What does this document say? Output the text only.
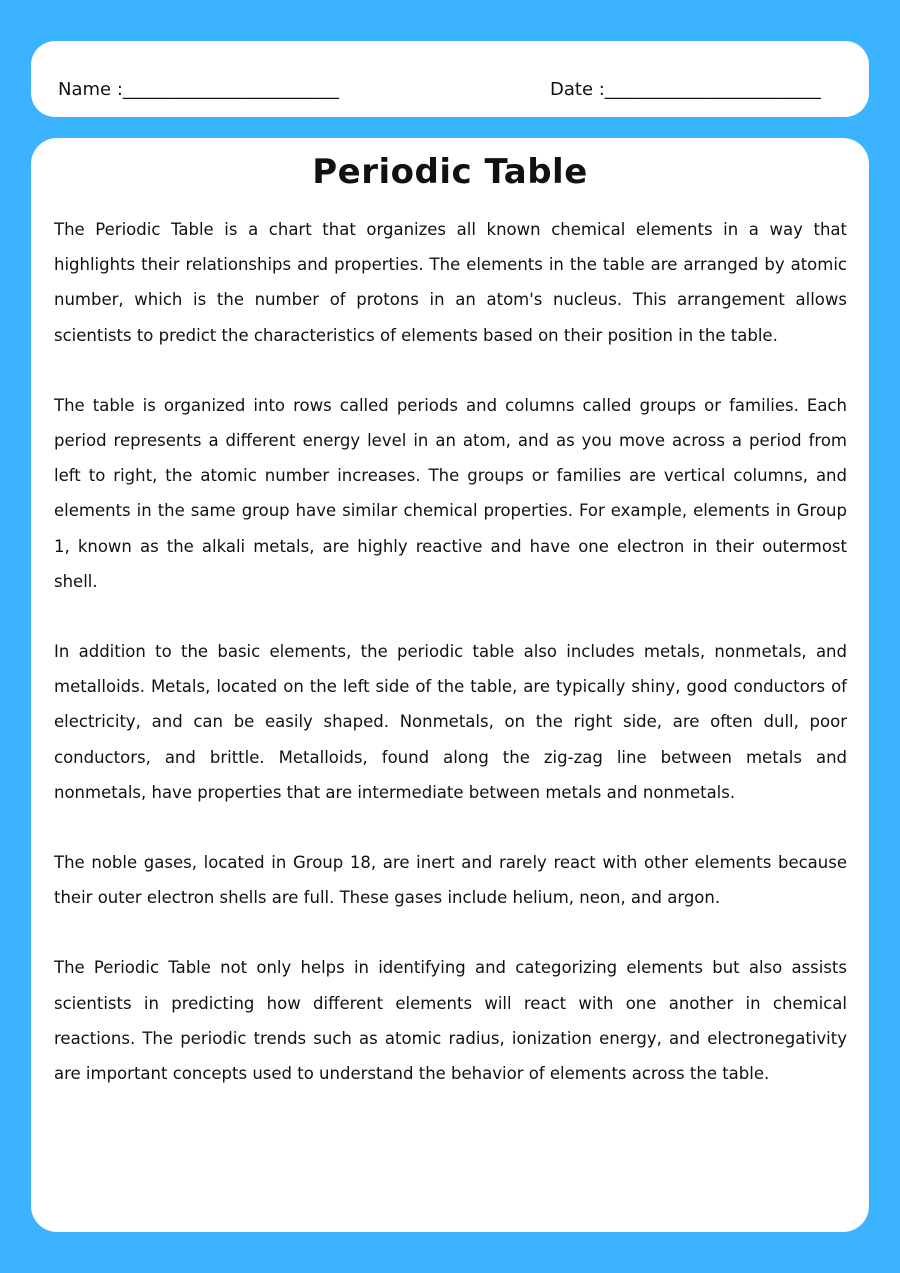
Name :________________________	Date :________________________
Periodic Table

The Periodic Table is a chart that organizes all known chemical elements in a way that highlights their relationships and properties. The elements in the table are arranged by atomic number, which is the number of protons in an atom's nucleus. This arrangement allows scientists to predict the characteristics of elements based on their position in the table.

The table is organized into rows called periods and columns called groups or families. Each period represents a different energy level in an atom, and as you move across a period from left to right, the atomic number increases. The groups or families are vertical columns, and elements in the same group have similar chemical properties. For example, elements in Group 1, known as the alkali metals, are highly reactive and have one electron in their outermost shell.

In addition to the basic elements, the periodic table also includes metals, nonmetals, and metalloids. Metals, located on the left side of the table, are typically shiny, good conductors of electricity, and can be easily shaped. Nonmetals, on the right side, are often dull, poor conductors, and brittle. Metalloids, found along the zig-zag line between metals and nonmetals, have properties that are intermediate between metals and nonmetals.

The noble gases, located in Group 18, are inert and rarely react with other elements because their outer electron shells are full. These gases include helium, neon, and argon.

The Periodic Table not only helps in identifying and categorizing elements but also assists scientists in predicting how different elements will react with one another in chemical reactions. The periodic trends such as atomic radius, ionization energy, and electronegativity are important concepts used to understand the behavior of elements across the table.
